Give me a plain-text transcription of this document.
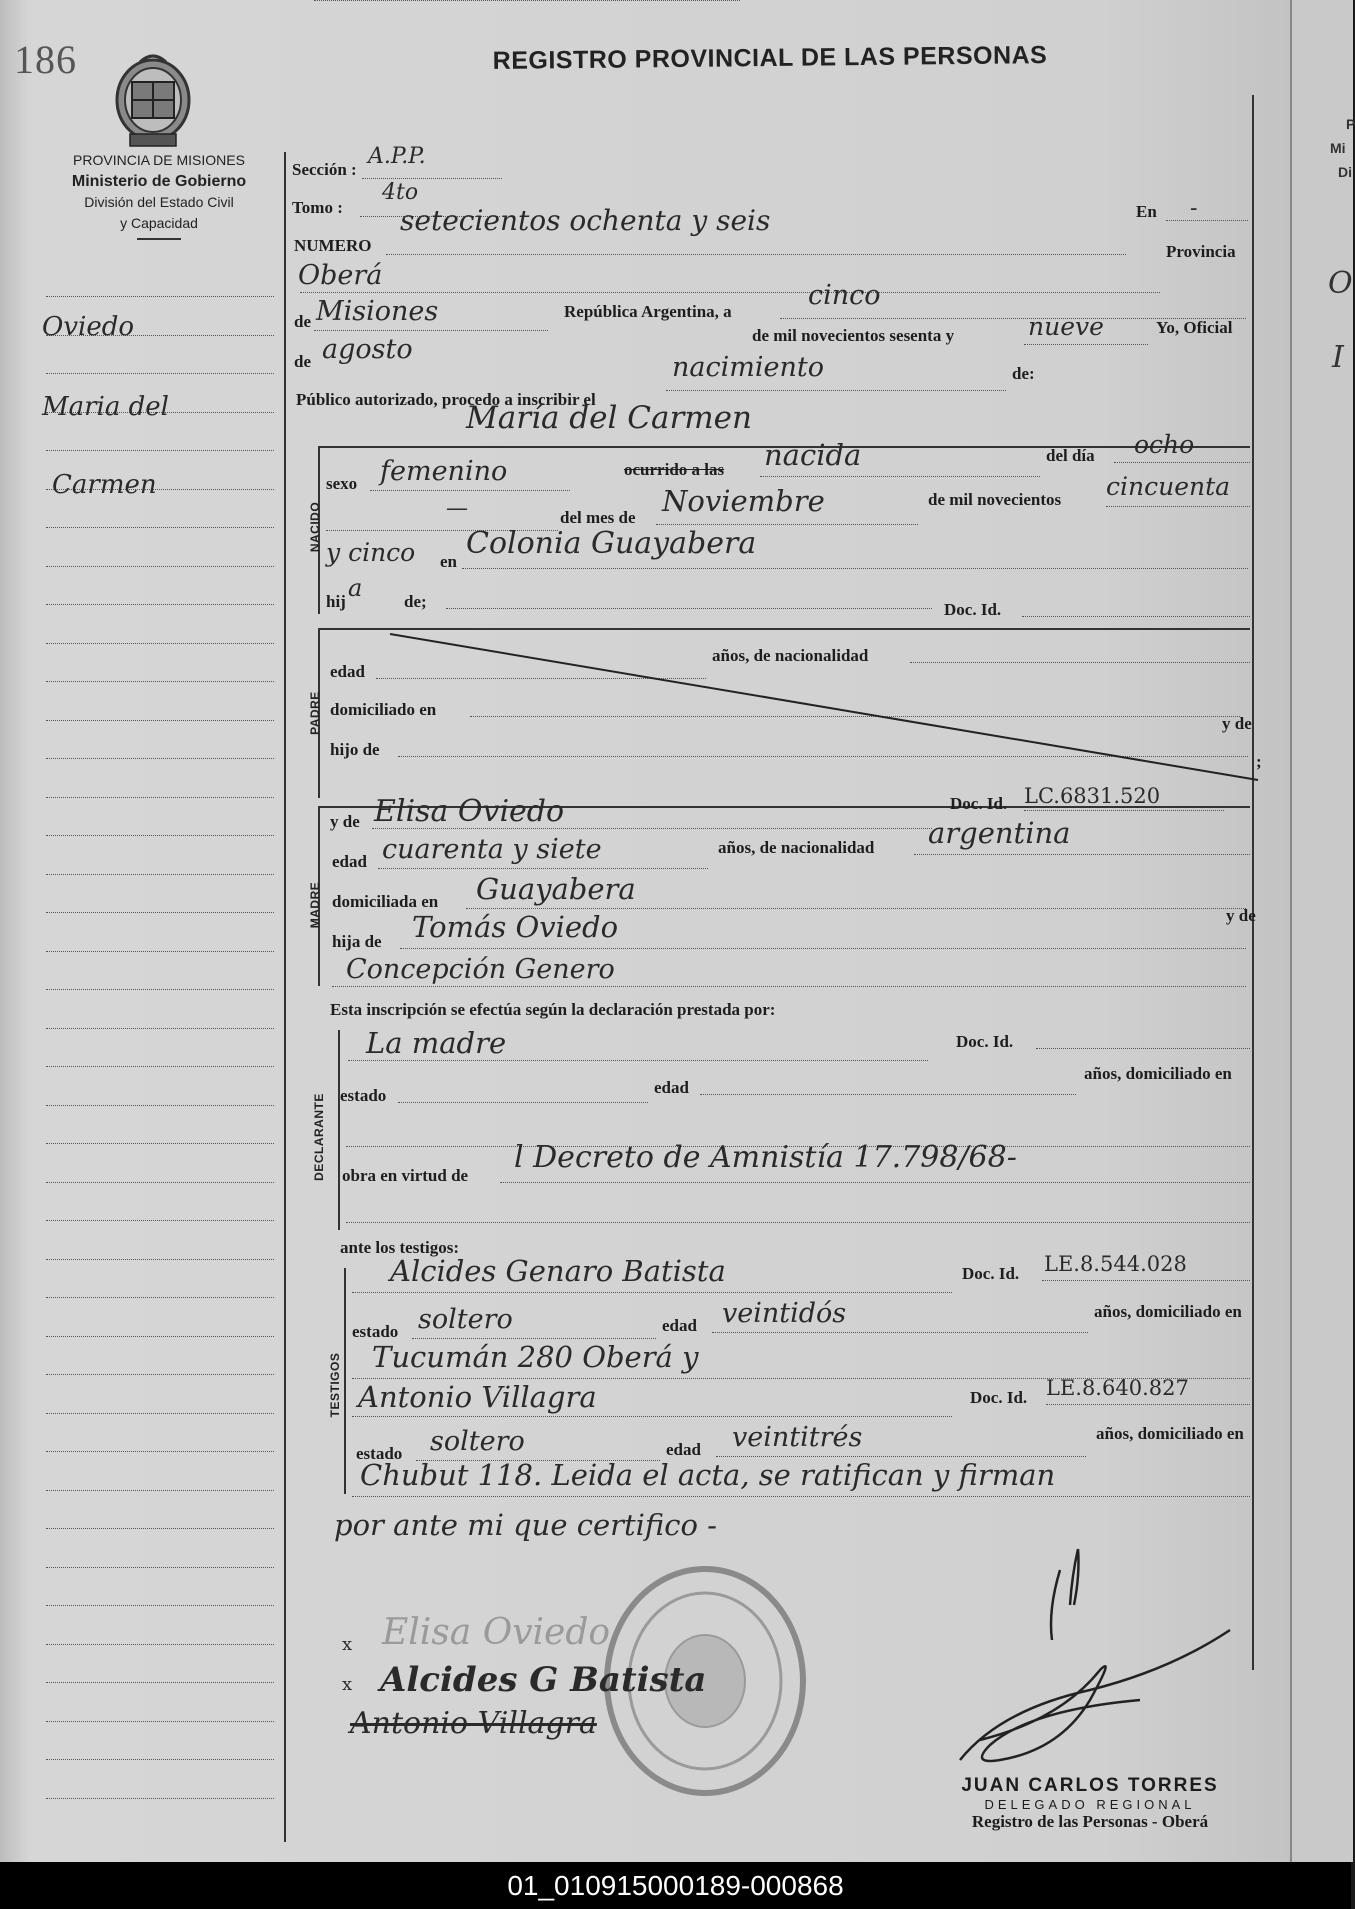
186
PROVINCIA DE MISIONES
Ministerio de Gobierno
División del Estado Civil
y Capacidad
REGISTRO PROVINCIAL DE LAS PERSONAS
Oviedo
Maria del
Carmen
Sección :
A.P.P.
Tomo :
4to
NUMERO
setecientos ochenta y seis	En -
Oberá
Provincia
de Misiones	República Argentina, a
cinco
de agosto	de mil novecientos sesenta y	nueve	Yo, Oficial
Público autorizado, procedo a inscribir el
nacimiento	de:
María del Carmen
NACIDO
sexo femenino	ocurrido a las nacida	del día ocho
—	del mes de Noviembre	de mil novecientos cincuenta
y cinco en
Colonia Guayabera
hij a de;	Doc. Id.
PADRE
edad
años, de nacionalidad
domiciliado en
y de
hijo de
;
MADRE
y de Elisa Oviedo	Doc. Id. LC.6831.520
edad cuarenta y siete	años, de nacionalidad argentina
domiciliada en Guayabera
y de
hija de Tomás Oviedo
Concepción Genero
Esta inscripción se efectúa según la declaración prestada por:
DECLARANTE
La madre	Doc. Id.
estado	edad
años, domiciliado en
obra en virtud de
l Decreto de Amnistía 17.798/68-
ante los testigos:
TESTIGOS
Alcides Genaro Batista	Doc. Id. LE.8.544.028
estado soltero	edad veintidós	años, domiciliado en
Tucumán 280 Oberá y
Antonio Villagra	Doc. Id. LE.8.640.827
estado soltero	edad veintitrés	años, domiciliado en
Chubut 118. Leida el acta, se ratifican y firman
por ante mi que certifico -
x
x
Elisa Oviedo
Alcides G Batista
Antonio Villagra
JUAN CARLOS TORRES
DELEGADO REGIONAL
Registro de las Personas - Oberá
P
Mi
Di
O
I
01_010915000189-000868
